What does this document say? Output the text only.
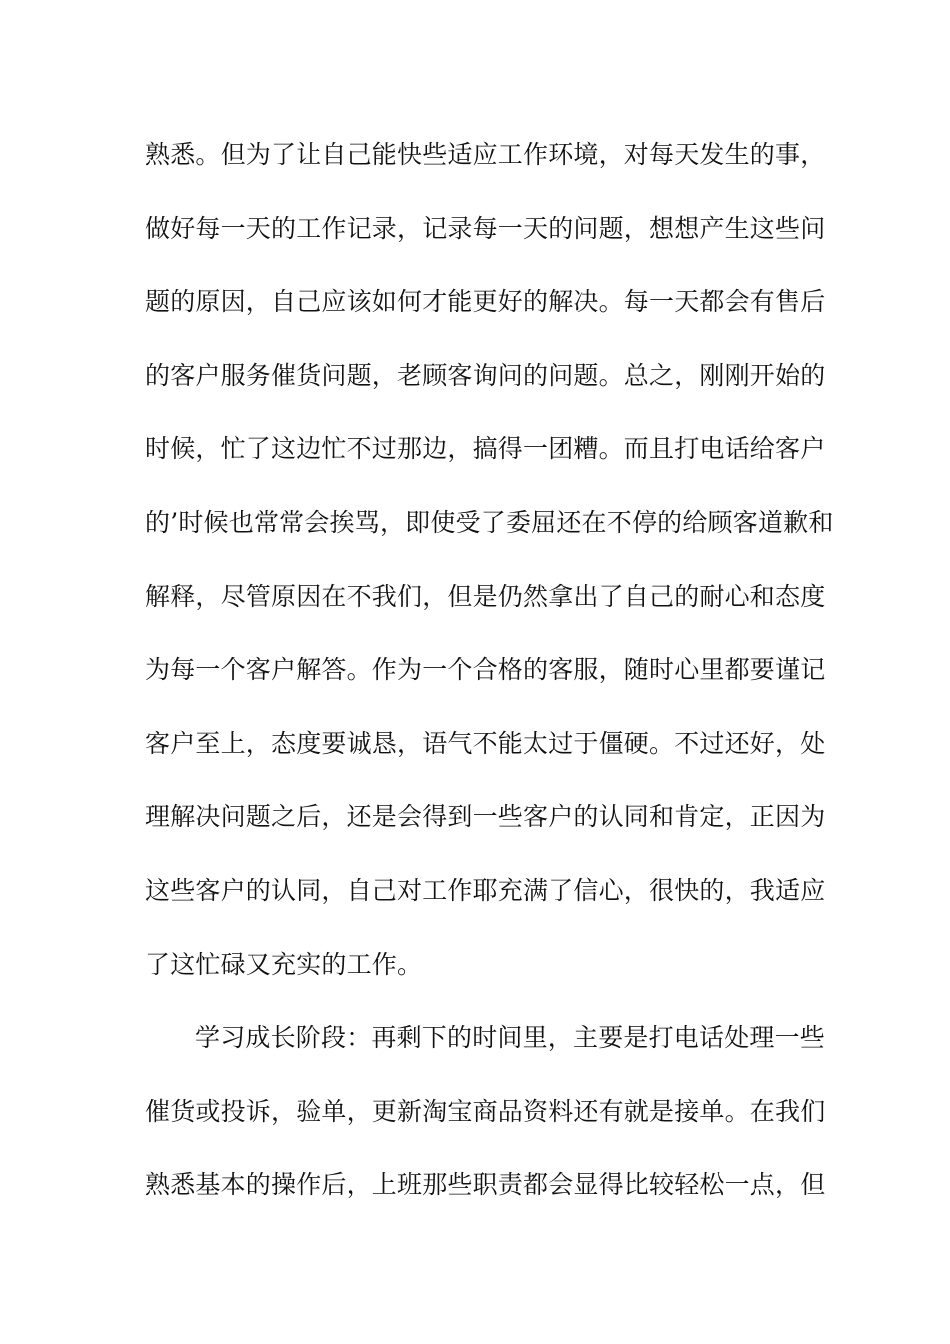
熟悉。但为了让自己能快些适应工作环境，对每天发生的事，
做好每一天的工作记录，记录每一天的问题，想想产生这些问
题的原因，自己应该如何才能更好的解决。每一天都会有售后
的客户服务催货问题，老顾客询问的问题。总之，刚刚开始的
时候，忙了这边忙不过那边，搞得一团糟。而且打电话给客户
的’时候也常常会挨骂，即使受了委屈还在不停的给顾客道歉和
解释，尽管原因在不我们，但是仍然拿出了自己的耐心和态度
为每一个客户解答。作为一个合格的客服，随时心里都要谨记
客户至上，态度要诚恳，语气不能太过于僵硬。不过还好，处
理解决问题之后，还是会得到一些客户的认同和肯定，正因为
这些客户的认同，自己对工作耶充满了信心，很快的，我适应
了这忙碌又充实的工作。
学习成长阶段：再剩下的时间里，主要是打电话处理一些
催货或投诉，验单，更新淘宝商品资料还有就是接单。在我们
熟悉基本的操作后，上班那些职责都会显得比较轻松一点，但
